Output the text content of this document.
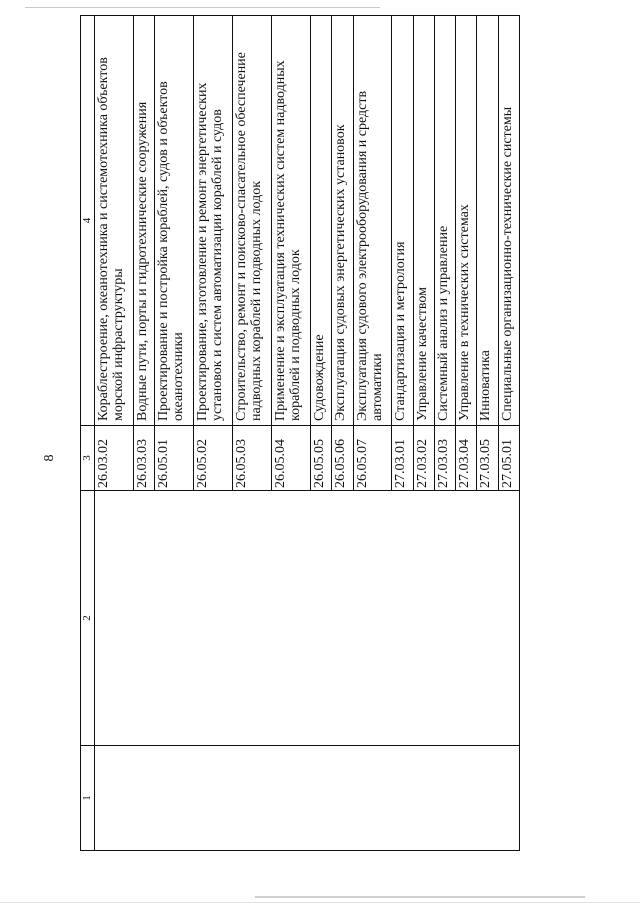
8
1	2	3	4
		26.03.02	Кораблестроение, океанотехника и системотехника объектов морской инфраструктуры
		26.03.03	Водные пути, порты и гидротехнические сооружения
		26.05.01	Проектирование и постройка кораблей, судов и объектов океанотехники
		26.05.02	Проектирование, изготовление и ремонт энергетических установок и систем автоматизации кораблей и судов
		26.05.03	Строительство, ремонт и поисково-спасательное обеспечение надводных кораблей и подводных лодок
		26.05.04	Применение и эксплуатация технических систем надводных кораблей и подводных лодок
		26.05.05	Судовождение
		26.05.06	Эксплуатация судовых энергетических установок
		26.05.07	Эксплуатация судового электрооборудования и средств автоматики
		27.03.01	Стандартизация и метрология
		27.03.02	Управление качеством
		27.03.03	Системный анализ и управление
		27.03.04	Управление в технических системах
		27.03.05	Инноватика
		27.05.01	Специальные организационно-технические системы
